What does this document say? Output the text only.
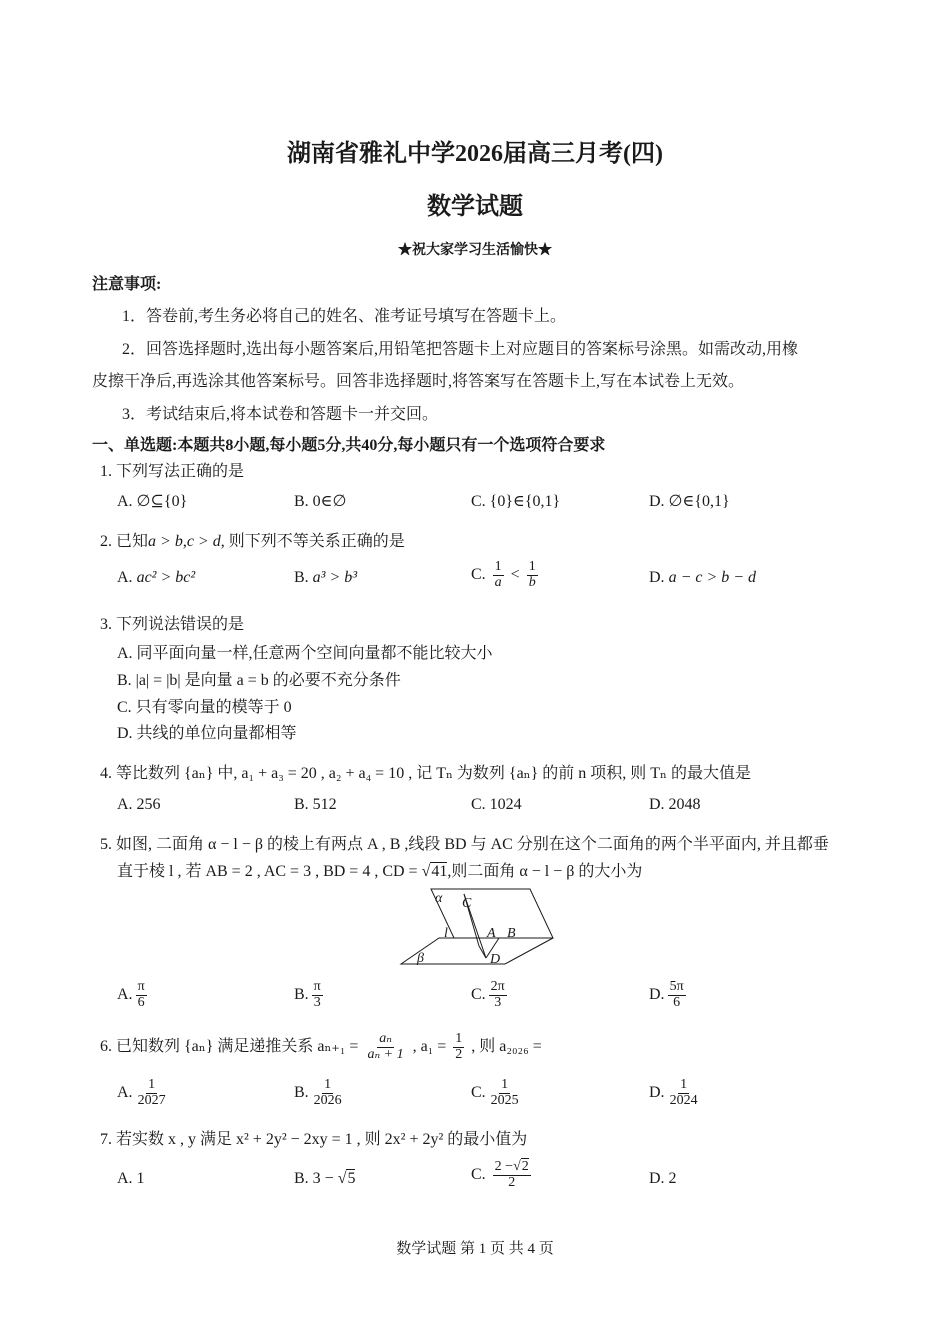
湖南省雅礼中学2026届高三月考(四)
数学试题
★祝大家学习生活愉快★
注意事项:
1．答卷前,考生务必将自己的姓名、准考证号填写在答题卡上。
2．回答选择题时,选出每小题答案后,用铅笔把答题卡上对应题目的答案标号涂黑。如需改动,用橡
皮擦干净后,再选涂其他答案标号。回答非选择题时,将答案写在答题卡上,写在本试卷上无效。
3．考试结束后,将本试卷和答题卡一并交回。
一、单选题:本题共8小题,每小题5分,共40分,每小题只有一个选项符合要求
1. 下列写法正确的是
A. ∅⊆{0}	B. 0∈∅	C. {0}∈{0,1}	D. ∅∈{0,1}
2. 已知a > b,c > d, 则下列不等关系正确的是
A. ac² > bc²	B. a³ > b³	C. $\frac{1}{a} < \frac{1}{b}$	D. a − c > b − d
3. 下列说法错误的是
A. 同平面向量一样,任意两个空间向量都不能比较大小
B. |a| = |b| 是向量 a = b 的必要不充分条件
C. 只有零向量的模等于 0
D. 共线的单位向量都相等
4. 等比数列 {aₙ} 中, a₁ + a₃ = 20 , a₂ + a₄ = 10 , 记 Tₙ 为数列 {aₙ} 的前 n 项积, 则 Tₙ 的最大值是
A. 256	B. 512	C. 1024	D. 2048
5. 如图, 二面角 α − l − β 的棱上有两点 A , B ,线段 BD 与 AC 分别在这个二面角的两个半平面内, 并且都垂
直于棱 l , 若 AB = 2 , AC = 3 , BD = 4 , CD = √41,则二面角 α − l − β 的大小为
α C
l	A B
β	D
A. $\frac{\pi}{6}$	B. $\frac{\pi}{3}$	C. $\frac{2\pi}{3}$	D. $\frac{5\pi}{6}$
6. 已知数列 {aₙ} 满足递推关系 $a_{n+1} = \frac{\text{aₙ}}{\text{aₙ + 1}}$ , $a_1 = \frac{1}{2}$ , 则 a₂₀₂₆ =
A. $\frac{1}{2027}$	B. $\frac{1}{2026}$	C. $\frac{1}{2025}$	D. $\frac{1}{2024}$
7. 若实数 x , y 满足 x² + 2y² − 2xy = 1 , 则 2x² + 2y² 的最小值为
A. 1	B. 3 − √5	C. $\frac{2 -√2}{2}$	D. 2
数学试题 第 1 页 共 4 页
